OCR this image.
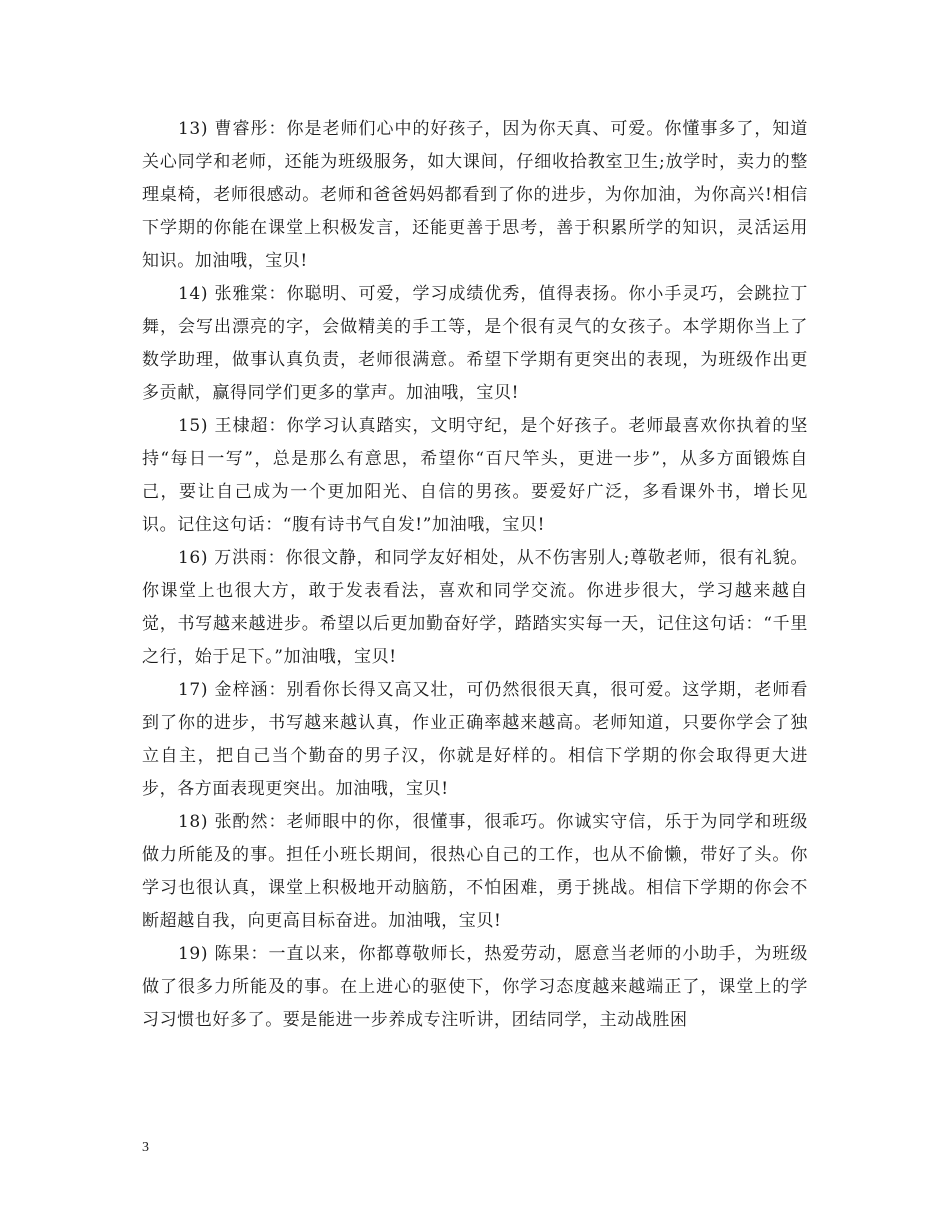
13) 曹睿彤：你是老师们心中的好孩子，因为你天真、可爱。你懂事多了，知道关心同学和老师，还能为班级服务，如大课间，仔细收拾教室卫生;放学时，卖力的整理桌椅，老师很感动。老师和爸爸妈妈都看到了你的进步，为你加油，为你高兴!相信下学期的你能在课堂上积极发言，还能更善于思考，善于积累所学的知识，灵活运用知识。加油哦，宝贝!

14) 张雅棠：你聪明、可爱，学习成绩优秀，值得表扬。你小手灵巧，会跳拉丁舞，会写出漂亮的字，会做精美的手工等，是个很有灵气的女孩子。本学期你当上了数学助理，做事认真负责，老师很满意。希望下学期有更突出的表现，为班级作出更多贡献，赢得同学们更多的掌声。加油哦，宝贝!

15) 王棣超：你学习认真踏实，文明守纪，是个好孩子。老师最喜欢你执着的坚持“每日一写”，总是那么有意思，希望你“百尺竿头，更进一步”，从多方面锻炼自己，要让自己成为一个更加阳光、自信的男孩。要爱好广泛，多看课外书，增长见识。记住这句话：“腹有诗书气自发!”加油哦，宝贝!

16) 万洪雨：你很文静，和同学友好相处，从不伤害别人;尊敬老师，很有礼貌。你课堂上也很大方，敢于发表看法，喜欢和同学交流。你进步很大，学习越来越自觉，书写越来越进步。希望以后更加勤奋好学，踏踏实实每一天，记住这句话：“千里之行，始于足下。”加油哦，宝贝!

17) 金梓涵：别看你长得又高又壮，可仍然很很天真，很可爱。这学期，老师看到了你的进步，书写越来越认真，作业正确率越来越高。老师知道，只要你学会了独立自主，把自己当个勤奋的男子汉，你就是好样的。相信下学期的你会取得更大进步，各方面表现更突出。加油哦，宝贝!

18) 张酌然：老师眼中的你，很懂事，很乖巧。你诚实守信，乐于为同学和班级做力所能及的事。担任小班长期间，很热心自己的工作，也从不偷懒，带好了头。你学习也很认真，课堂上积极地开动脑筋，不怕困难，勇于挑战。相信下学期的你会不断超越自我，向更高目标奋进。加油哦，宝贝!

19) 陈果：一直以来，你都尊敬师长，热爱劳动，愿意当老师的小助手，为班级做了很多力所能及的事。在上进心的驱使下，你学习态度越来越端正了，课堂上的学习习惯也好多了。要是能进一步养成专注听讲，团结同学，主动战胜困

3
